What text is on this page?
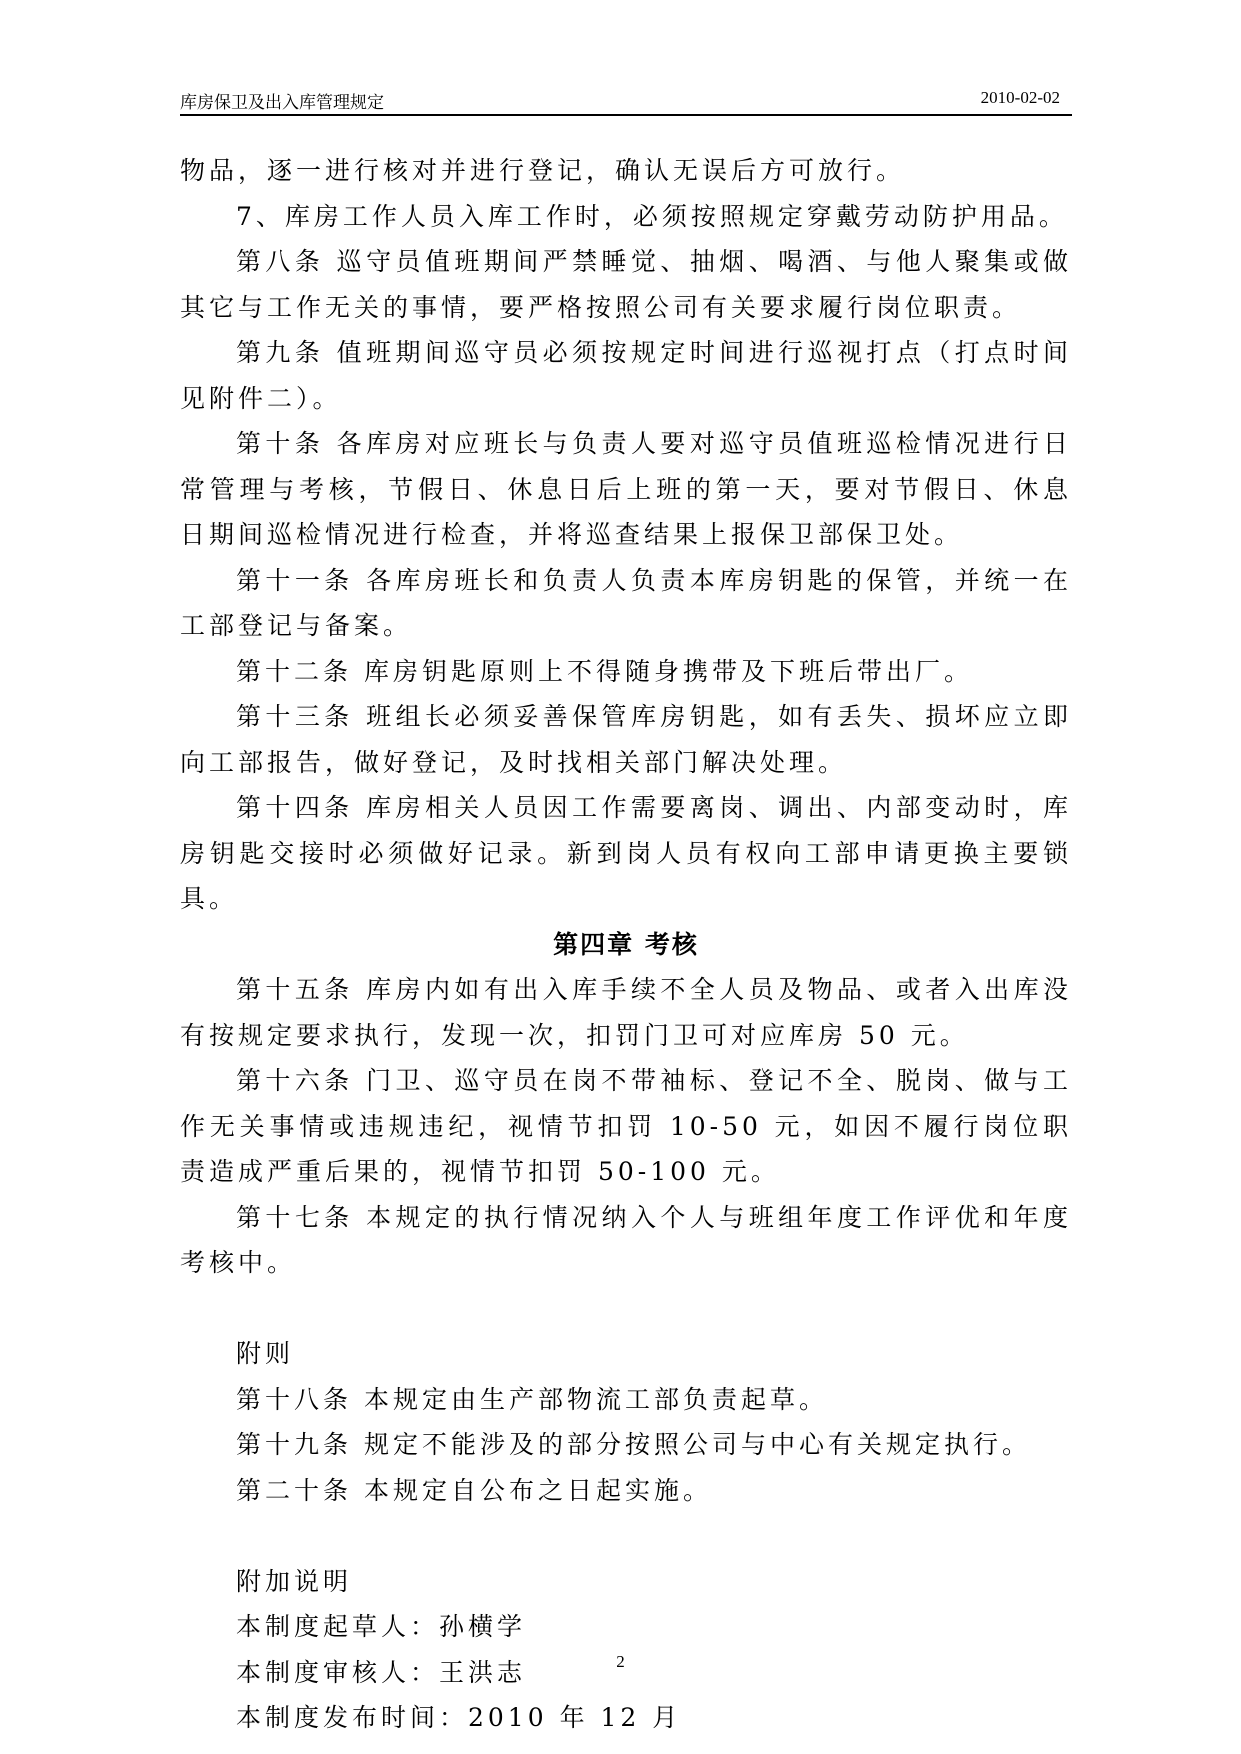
库房保卫及出入库管理规定	2010-02-02

物品，逐一进行核对并进行登记，确认无误后方可放行。

7、库房工作人员入库工作时，必须按照规定穿戴劳动防护用品。

第八条 巡守员值班期间严禁睡觉、抽烟、喝酒、与他人聚集或做其它与工作无关的事情，要严格按照公司有关要求履行岗位职责。

第九条 值班期间巡守员必须按规定时间进行巡视打点（打点时间见附件二）。

第十条 各库房对应班长与负责人要对巡守员值班巡检情况进行日常管理与考核，节假日、休息日后上班的第一天，要对节假日、休息日期间巡检情况进行检查，并将巡查结果上报保卫部保卫处。

第十一条 各库房班长和负责人负责本库房钥匙的保管，并统一在工部登记与备案。

第十二条 库房钥匙原则上不得随身携带及下班后带出厂。

第十三条 班组长必须妥善保管库房钥匙，如有丢失、损坏应立即向工部报告，做好登记，及时找相关部门解决处理。

第十四条 库房相关人员因工作需要离岗、调出、内部变动时，库房钥匙交接时必须做好记录。新到岗人员有权向工部申请更换主要锁具。

第四章 考核

第十五条 库房内如有出入库手续不全人员及物品、或者入出库没有按规定要求执行，发现一次，扣罚门卫可对应库房 50 元。

第十六条 门卫、巡守员在岗不带袖标、登记不全、脱岗、做与工作无关事情或违规违纪，视情节扣罚 10-50 元，如因不履行岗位职责造成严重后果的，视情节扣罚 50-100 元。

第十七条 本规定的执行情况纳入个人与班组年度工作评优和年度考核中。

附则

第十八条 本规定由生产部物流工部负责起草。

第十九条 规定不能涉及的部分按照公司与中心有关规定执行。

第二十条 本规定自公布之日起实施。

附加说明

本制度起草人：孙横学

本制度审核人：王洪志

本制度发布时间：2010 年 12 月

2
